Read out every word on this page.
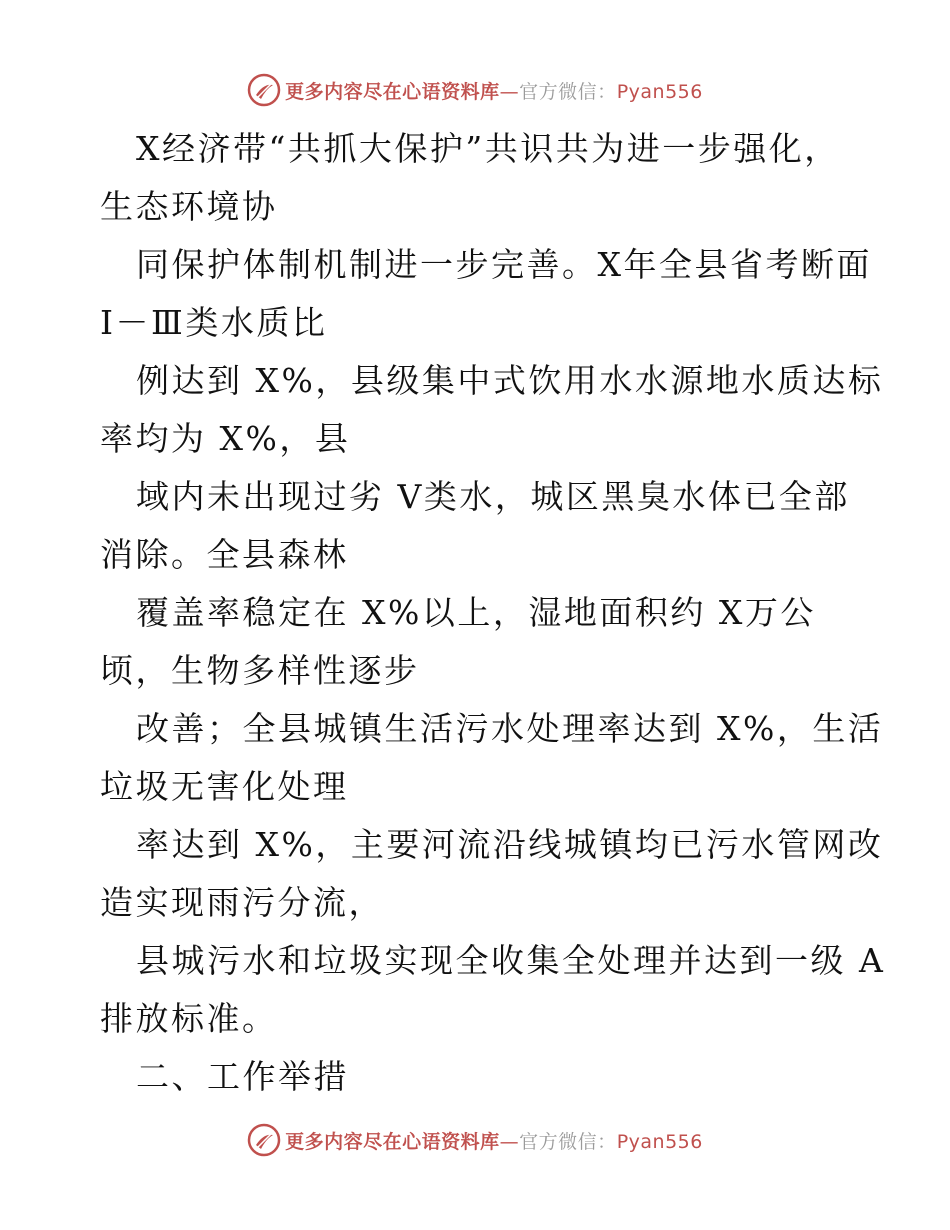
更多内容尽在心语资料库—官方微信：Pyan556

X经济带“共抓大保护”共识共为进一步强化，
生态环境协

同保护体制机制进一步完善。X年全县省考断面
Ⅰ－Ⅲ类水质比

例达到 X%，县级集中式饮用水水源地水质达标
率均为 X%，县

域内未出现过劣 V类水，城区黑臭水体已全部
消除。全县森林

覆盖率稳定在 X%以上，湿地面积约 X万公
顷，生物多样性逐步

改善；全县城镇生活污水处理率达到 X%，生活
垃圾无害化处理

率达到 X%，主要河流沿线城镇均已污水管网改
造实现雨污分流，

县城污水和垃圾实现全收集全处理并达到一级 A
排放标准。

二、工作举措

更多内容尽在心语资料库—官方微信：Pyan556
